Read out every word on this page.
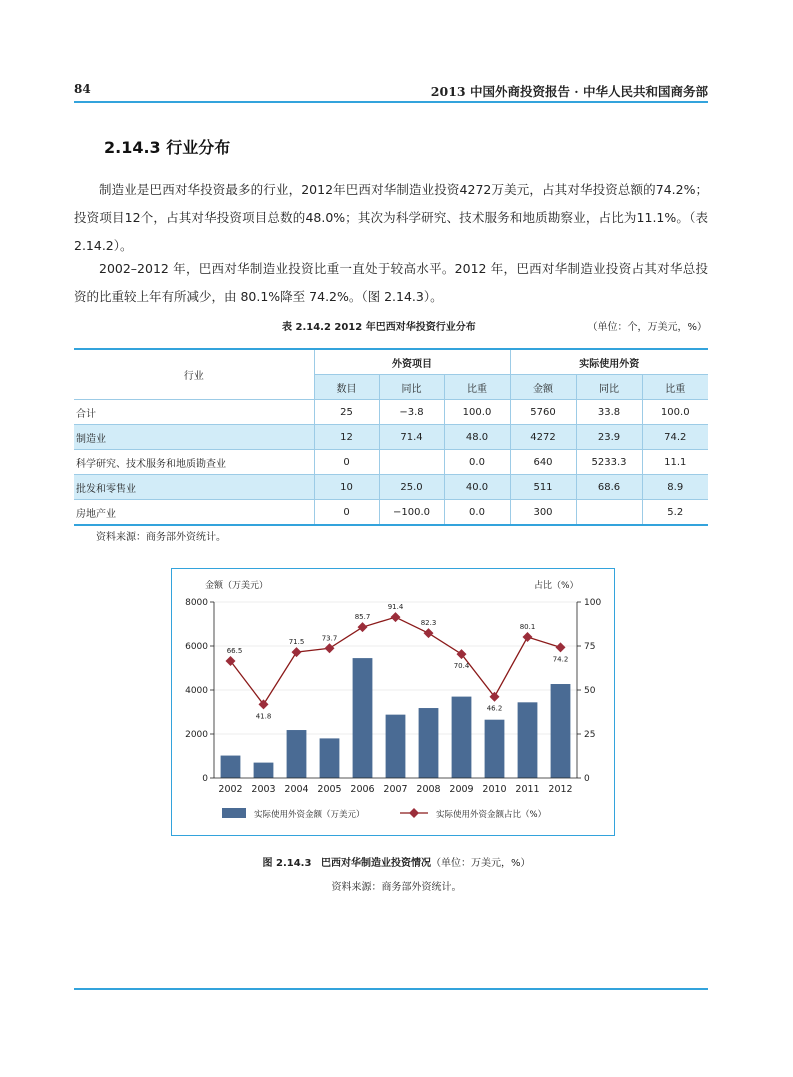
84	2013 中国外商投资报告 · 中华人民共和国商务部
2.14.3 行业分布

制造业是巴西对华投资最多的行业，2012年巴西对华制造业投资4272万美元，占其对华投资总额的74.2%；投资项目12个，占其对华投资项目总数的48.0%；其次为科学研究、技术服务和地质勘察业，占比为11.1%。（表2.14.2）。

2002–2012 年，巴西对华制造业投资比重一直处于较高水平。2012 年，巴西对华制造业投资占其对华总投资的比重较上年有所减少，由 80.1%降至 74.2%。（图 2.14.3）。

表 2.14.2 2012 年巴西对华投资行业分布	（单位：个，万美元，%）
行业	外资项目			实际使用外资		
	数目	同比	比重	金额	同比	比重
合计	25	−3.8	100.0	5760	33.8	100.0
制造业	12	71.4	48.0	4272	23.9	74.2
科学研究、技术服务和地质勘查业	0		0.0	640	5233.3	11.1
批发和零售业	10	25.0	40.0	511	68.6	8.9
房地产业	0	−100.0	0.0	300		5.2
资料来源：商务部外资统计。
66.5
41.8
71.5 73.7
85.7
91.4
82.3
70.4
46.2
80.1
74.2
0
2000
4000
6000
8000
0
25
50
75
100
2002 2003 2004 2005 2006 2007 2008 2009 2010 2011 2012
金额（万美元）	占比（%）
实际使用外资金额（万美元）	实际使用外资金额占比（%）
图 2.14.3 巴西对华制造业投资情况（单位：万美元，%）
资料来源：商务部外资统计。
